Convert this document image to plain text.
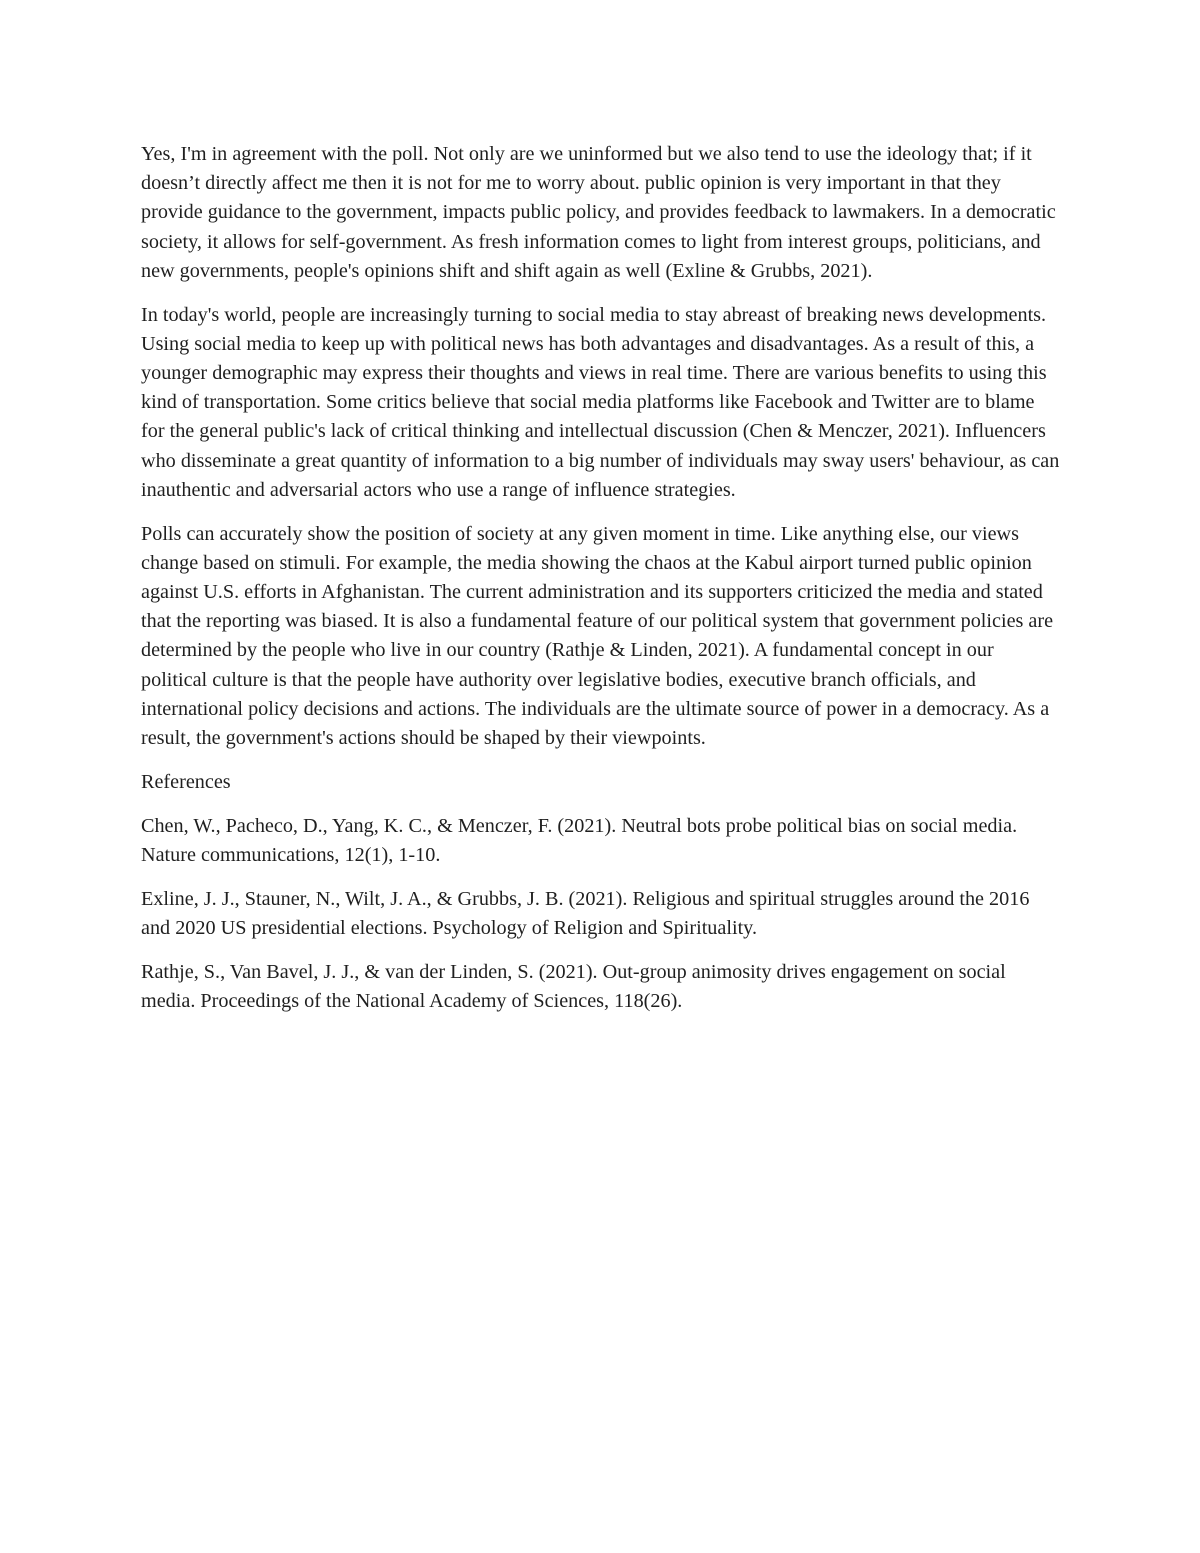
Yes, I'm in agreement with the poll. Not only are we uninformed but we also tend to use the ideology that; if it doesn’t directly affect me then it is not for me to worry about. public opinion is very important in that they provide guidance to the government, impacts public policy, and provides feedback to lawmakers. In a democratic society, it allows for self-government. As fresh information comes to light from interest groups, politicians, and new governments, people's opinions shift and shift again as well (Exline & Grubbs, 2021).

In today's world, people are increasingly turning to social media to stay abreast of breaking news developments. Using social media to keep up with political news has both advantages and disadvantages. As a result of this, a younger demographic may express their thoughts and views in real time. There are various benefits to using this kind of transportation. Some critics believe that social media platforms like Facebook and Twitter are to blame for the general public's lack of critical thinking and intellectual discussion (Chen & Menczer, 2021). Influencers who disseminate a great quantity of information to a big number of individuals may sway users' behaviour, as can inauthentic and adversarial actors who use a range of influence strategies.

Polls can accurately show the position of society at any given moment in time. Like anything else, our views change based on stimuli. For example, the media showing the chaos at the Kabul airport turned public opinion against U.S. efforts in Afghanistan. The current administration and its supporters criticized the media and stated that the reporting was biased. It is also a fundamental feature of our political system that government policies are determined by the people who live in our country (Rathje & Linden, 2021). A fundamental concept in our political culture is that the people have authority over legislative bodies, executive branch officials, and international policy decisions and actions. The individuals are the ultimate source of power in a democracy. As a result, the government's actions should be shaped by their viewpoints.

References

Chen, W., Pacheco, D., Yang, K. C., & Menczer, F. (2021). Neutral bots probe political bias on social media. Nature communications, 12(1), 1-10.

Exline, J. J., Stauner, N., Wilt, J. A., & Grubbs, J. B. (2021). Religious and spiritual struggles around the 2016 and 2020 US presidential elections. Psychology of Religion and Spirituality.

Rathje, S., Van Bavel, J. J., & van der Linden, S. (2021). Out-group animosity drives engagement on social media. Proceedings of the National Academy of Sciences, 118(26).
